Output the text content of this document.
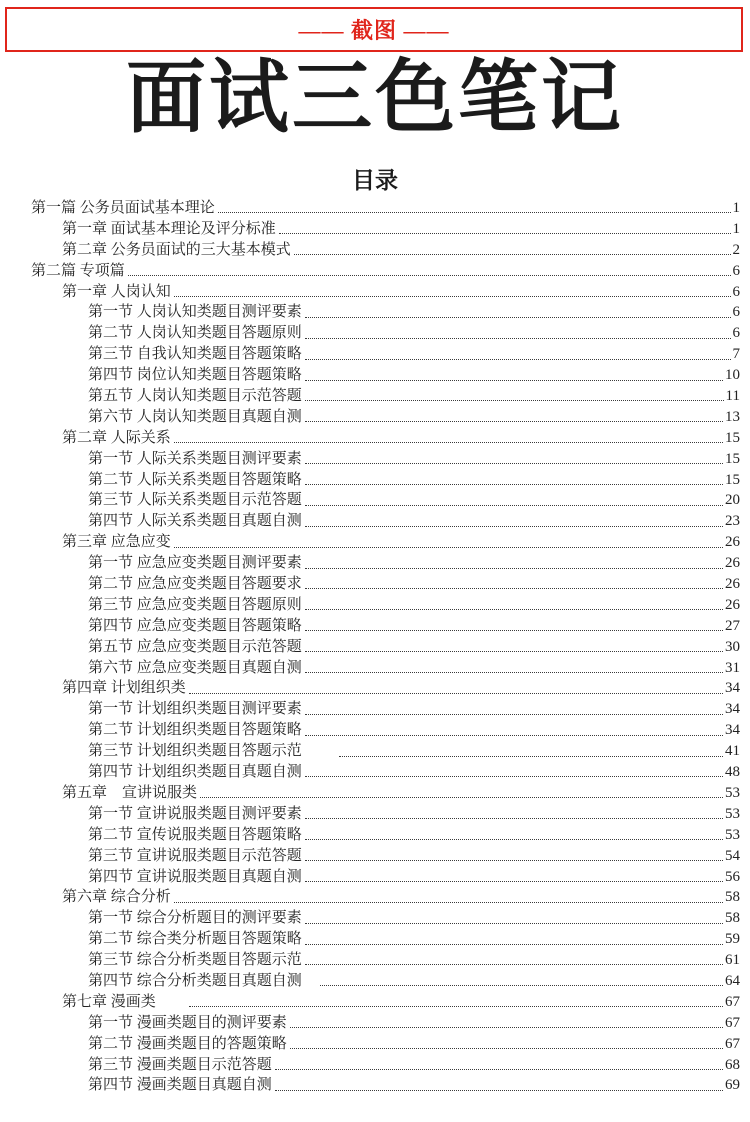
—— 截图 ——
面试三色笔记
目录
第一篇 公务员面试基本理论	1
第一章 面试基本理论及评分标准	1
第二章 公务员面试的三大基本模式	2
第二篇 专项篇	6
第一章 人岗认知	6
第一节 人岗认知类题目测评要素	6
第二节 人岗认知类题目答题原则	6
第三节 自我认知类题目答题策略	7
第四节 岗位认知类题目答题策略	10
第五节 人岗认知类题目示范答题	11
第六节 人岗认知类题目真题自测	13
第二章 人际关系	15
第一节 人际关系类题目测评要素	15
第二节 人际关系类题目答题策略	15
第三节 人际关系类题目示范答题	20
第四节 人际关系类题目真题自测	23
第三章 应急应变	26
第一节 应急应变类题目测评要素	26
第二节 应急应变类题目答题要求	26
第三节 应急应变类题目答题原则	26
第四节 应急应变类题目答题策略	27
第五节 应急应变类题目示范答题	30
第六节 应急应变类题目真题自测	31
第四章 计划组织类	34
第一节 计划组织类题目测评要素	34
第二节 计划组织类题目答题策略	34
第三节 计划组织类题目答题示范　　	41
第四节 计划组织类题目真题自测	48
第五章　宣讲说服类	53
第一节 宣讲说服类题目测评要素	53
第二节 宣传说服类题目答题策略	53
第三节 宣讲说服类题目示范答题	54
第四节 宣讲说服类题目真题自测	56
第六章 综合分析	58
第一节 综合分析题目的测评要素	58
第二节 综合类分析题目答题策略	59
第三节 综合分析类题目答题示范	61
第四节 综合分析类题目真题自测　	64
第七章 漫画类　　	67
第一节 漫画类题目的测评要素	67
第二节 漫画类题目的答题策略	67
第三节 漫画类题目示范答题	68
第四节 漫画类题目真题自测	69
